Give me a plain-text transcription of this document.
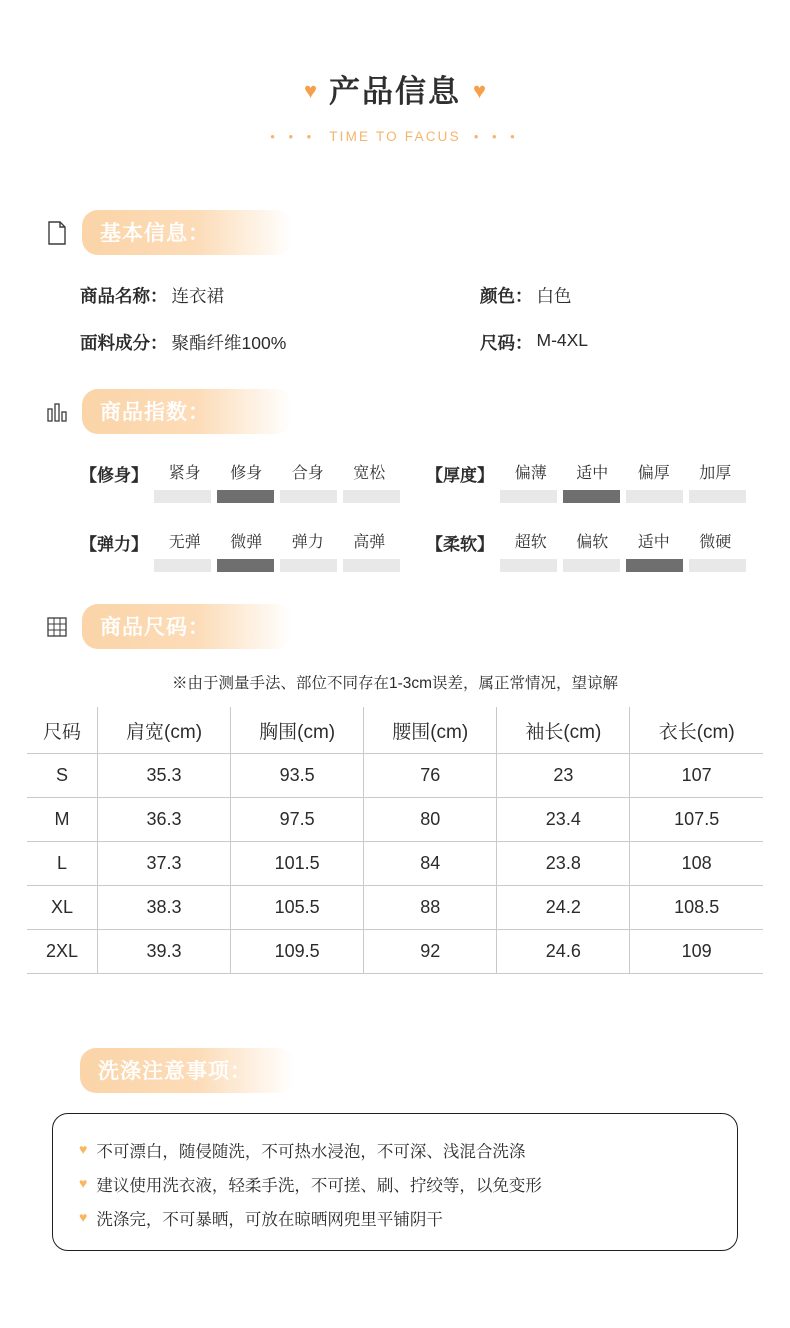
♥ 产品信息 ♥
• • • TIME TO FACUS • • •
基本信息：
商品名称： 连衣裙	颜色： 白色
面料成分： 聚酯纤维100%	尺码： M-4XL
商品指数：
【修身】	紧身	修身	合身	宽松	【厚度】	偏薄	适中	偏厚	加厚
【弹力】	无弹	微弹	弹力	高弹	【柔软】	超软	偏软	适中	微硬
商品尺码：
※由于测量手法、部位不同存在1-3cm误差，属正常情况，望谅解
尺码	肩宽(cm)	胸围(cm)	腰围(cm)	袖长(cm)	衣长(cm)
S	35.3	93.5	76	23	107
M	36.3	97.5	80	23.4	107.5
L	37.3	101.5	84	23.8	108
XL	38.3	105.5	88	24.2	108.5
2XL	39.3	109.5	92	24.6	109
洗涤注意事项：
♥ 不可漂白，随侵随洗，不可热水浸泡，不可深、浅混合洗涤
♥ 建议使用洗衣液，轻柔手洗，不可搓、刷、拧绞等，以免变形
♥ 洗涤完，不可暴晒，可放在晾晒网兜里平铺阴干
